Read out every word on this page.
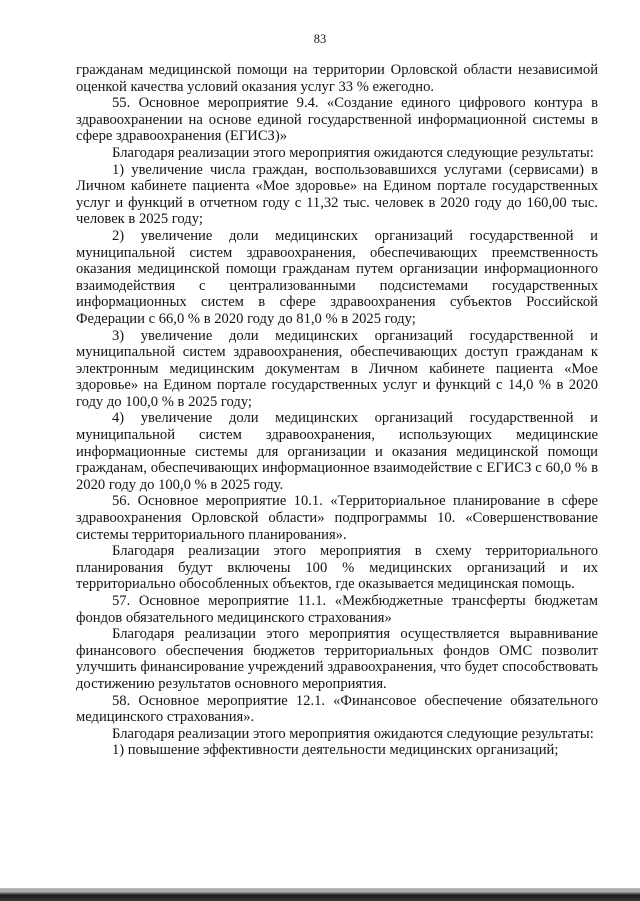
83

гражданам медицинской помощи на территории Орловской области независимой оценкой качества условий оказания услуг 33 % ежегодно.

55. Основное мероприятие 9.4. «Создание единого цифрового контура в здравоохранении на основе единой государственной информационной системы в сфере здравоохранения (ЕГИСЗ)»

Благодаря реализации этого мероприятия ожидаются следующие результаты:

1) увеличение числа граждан, воспользовавшихся услугами (сервисами) в Личном кабинете пациента «Мое здоровье» на Едином портале государственных услуг и функций в отчетном году с 11,32 тыс. человек в 2020 году до 160,00 тыс. человек в 2025 году;

2) увеличение доли медицинских организаций государственной и муниципальной систем здравоохранения, обеспечивающих преемственность оказания медицинской помощи гражданам путем организации информационного взаимодействия с централизованными подсистемами государственных информационных систем в сфере здравоохранения субъектов Российской Федерации с 66,0 % в 2020 году до 81,0 % в 2025 году;

3) увеличение доли медицинских организаций государственной и муниципальной систем здравоохранения, обеспечивающих доступ гражданам к электронным медицинским документам в Личном кабинете пациента «Мое здоровье» на Едином портале государственных услуг и функций с 14,0 % в 2020 году до 100,0 % в 2025 году;

4) увеличение доли медицинских организаций государственной и муниципальной систем здравоохранения, использующих медицинские информационные системы для организации и оказания медицинской помощи гражданам, обеспечивающих информационное взаимодействие с ЕГИСЗ с 60,0 % в 2020 году до 100,0 % в 2025 году.

56. Основное мероприятие 10.1. «Территориальное планирование в сфере здравоохранения Орловской области» подпрограммы 10. «Совершенствование системы территориального планирования».

Благодаря реализации этого мероприятия в схему территориального планирования будут включены 100 % медицинских организаций и их территориально обособленных объектов, где оказывается медицинская помощь.

57. Основное мероприятие 11.1. «Межбюджетные трансферты бюджетам фондов обязательного медицинского страхования»

Благодаря реализации этого мероприятия осуществляется выравнивание финансового обеспечения бюджетов территориальных фондов ОМС позволит улучшить финансирование учреждений здравоохранения, что будет способствовать достижению результатов основного мероприятия.

58. Основное мероприятие 12.1. «Финансовое обеспечение обязательного медицинского страхования».

Благодаря реализации этого мероприятия ожидаются следующие результаты:

1) повышение эффективности деятельности медицинских организаций;
